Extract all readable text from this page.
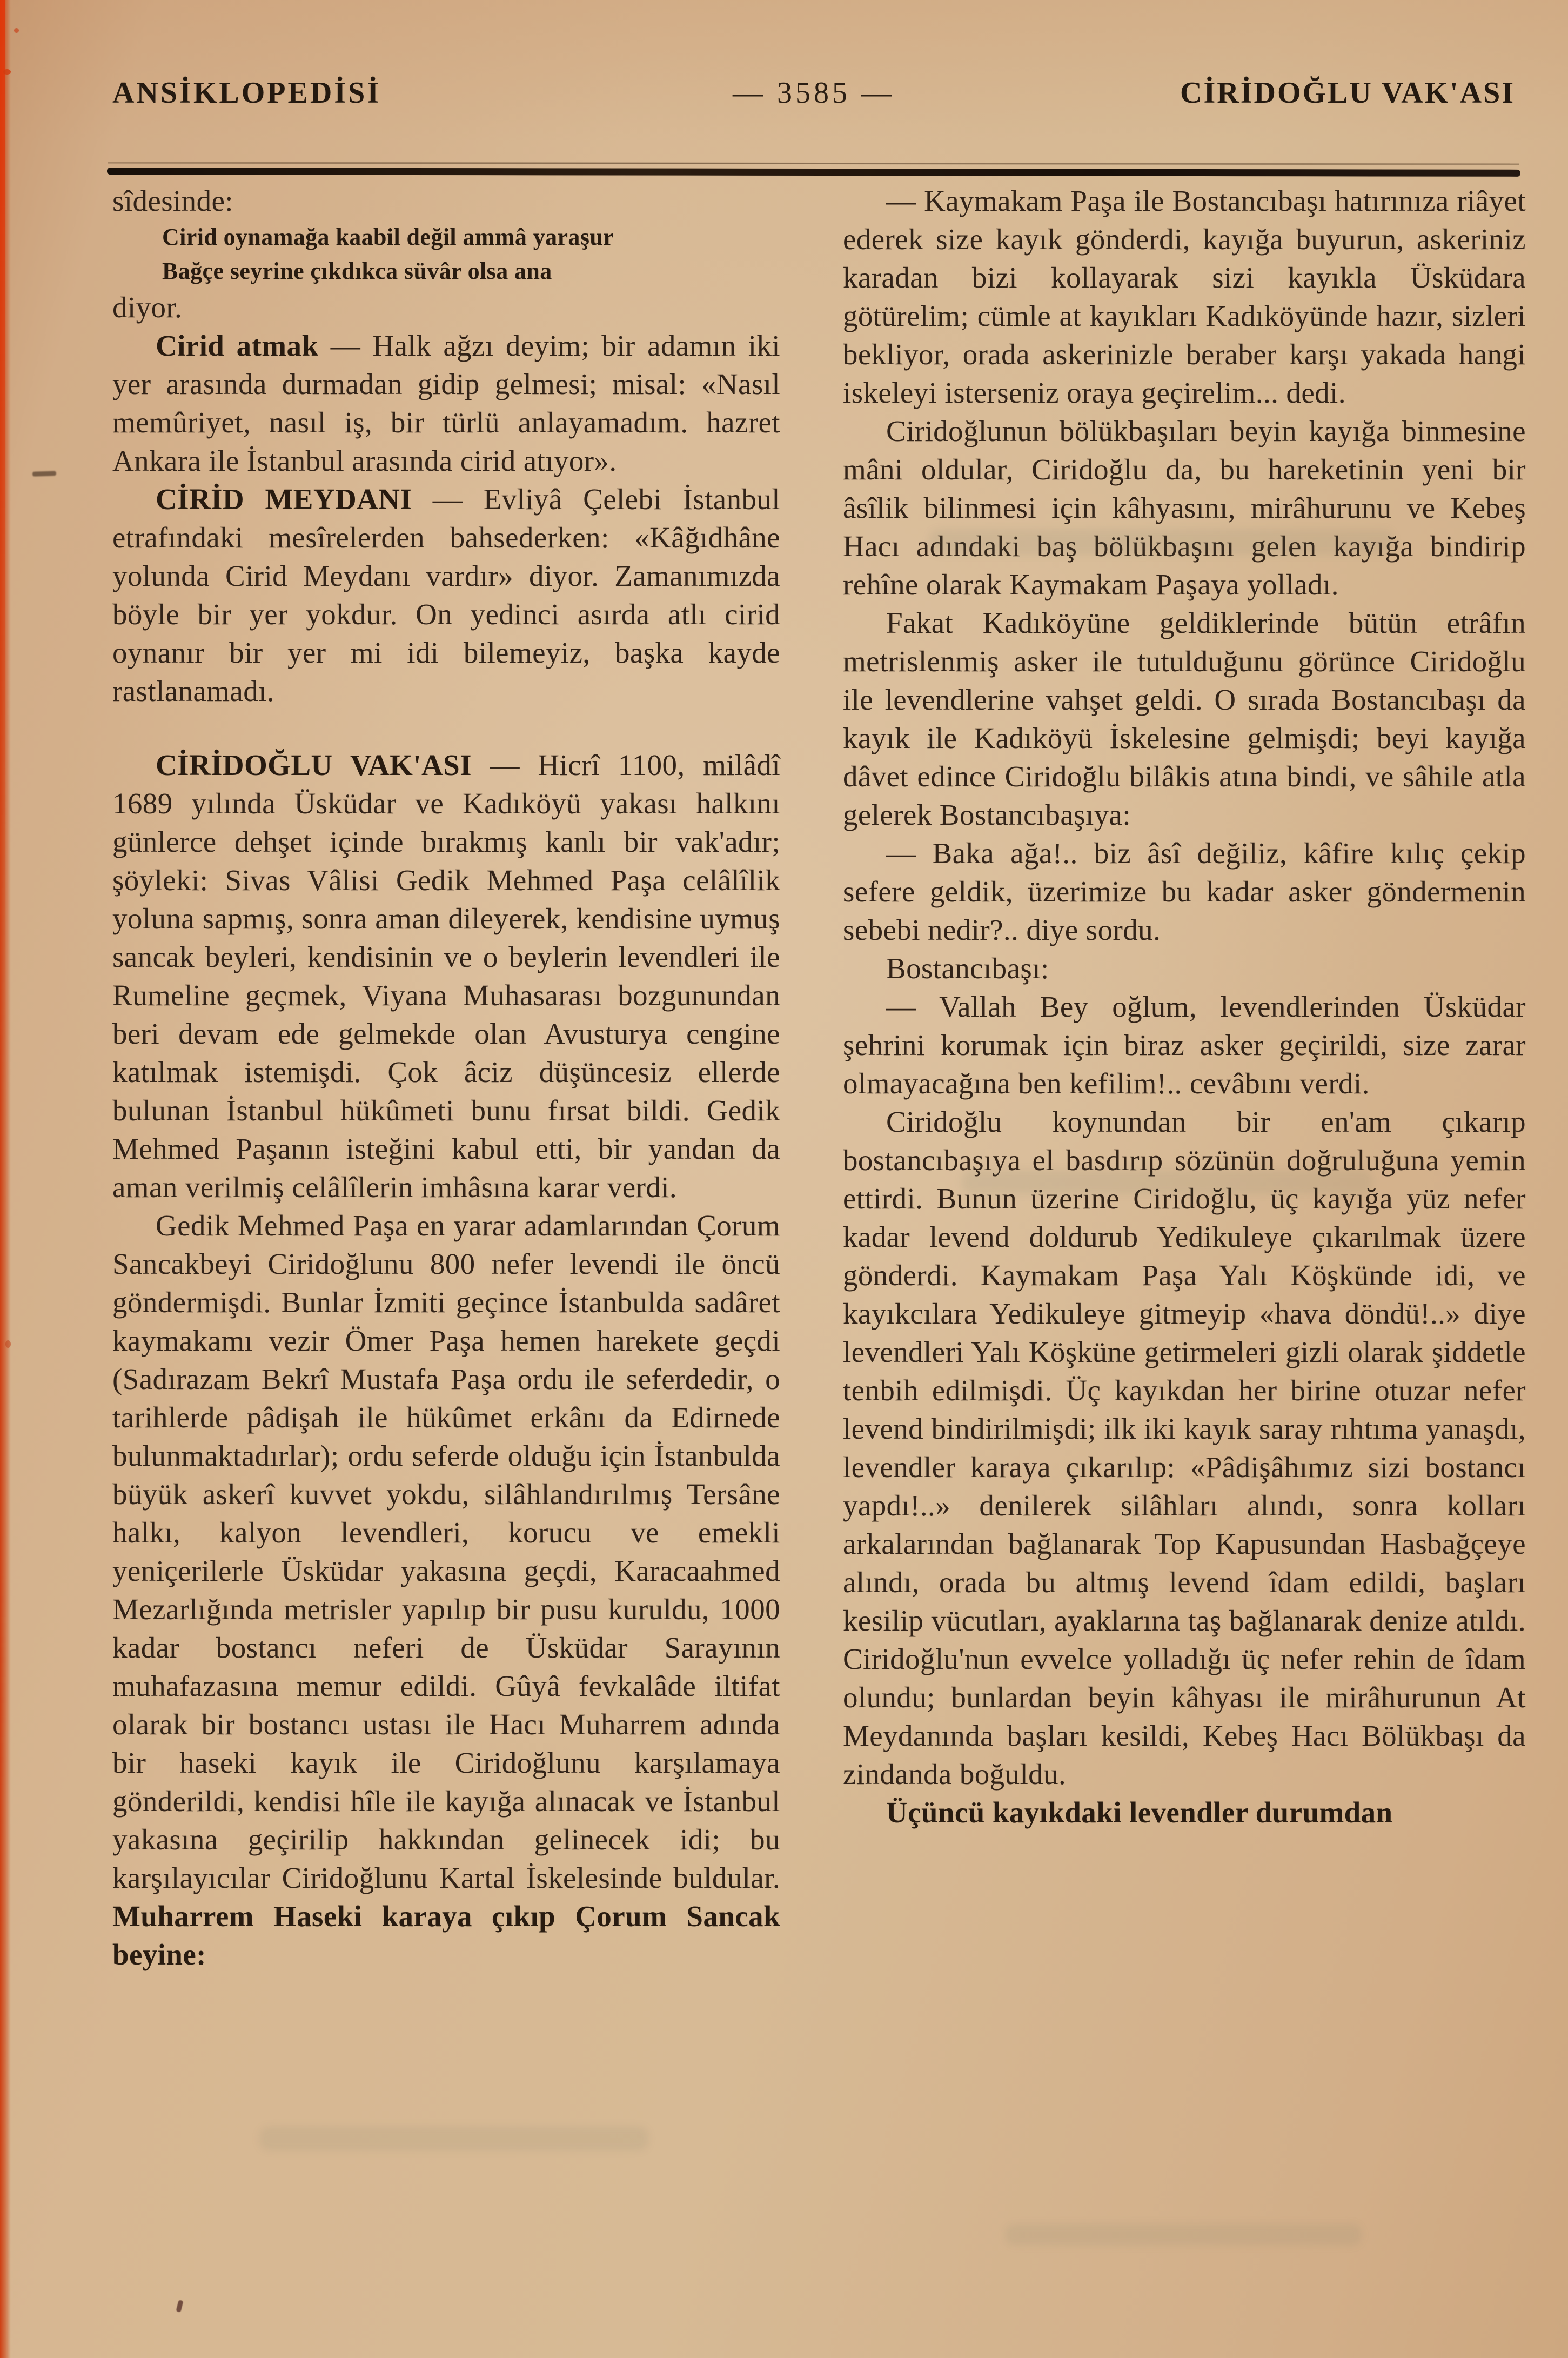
ANSİKLOPEDİSİ	— 3585 —	CİRİDOĞLU VAK'ASI

sîdesinde:

Cirid oynamağa kaabil değil ammâ yaraşur

Bağçe seyrine çıkdıkca süvâr olsa ana

diyor.

Cirid atmak — Halk ağzı deyim; bir adamın iki yer arasında durmadan gidip gelmesi; misal: «Nasıl memûriyet, nasıl iş, bir türlü anlayamadım. hazret Ankara ile İstanbul arasında cirid atıyor».

CİRİD MEYDANI — Evliyâ Çelebi İstanbul etrafındaki mesîrelerden bahsederken: «Kâğıdhâne yolunda Cirid Meydanı vardır» diyor. Zamanımızda böyle bir yer yokdur. On yedinci asırda atlı cirid oynanır bir yer mi idi bilemeyiz, başka kayde rastlanamadı.

CİRİDOĞLU VAK'ASI — Hicrî 1100, milâdî 1689 yılında Üsküdar ve Kadıköyü yakası halkını günlerce dehşet içinde bırakmış kanlı bir vak'adır; şöyleki: Sivas Vâlisi Gedik Mehmed Paşa celâlîlik yoluna sapmış, sonra aman dileyerek, kendisine uymuş sancak beyleri, kendisinin ve o beylerin levendleri ile Rumeline geçmek, Viyana Muhasarası bozgunundan beri devam ede gelmekde olan Avusturya cengine katılmak istemişdi. Çok âciz düşüncesiz ellerde bulunan İstanbul hükûmeti bunu fırsat bildi. Gedik Mehmed Paşanın isteğini kabul etti, bir yandan da aman verilmiş celâlîlerin imhâsına karar verdi.

Gedik Mehmed Paşa en yarar adamlarından Çorum Sancakbeyi Ciridoğlunu 800 nefer levendi ile öncü göndermişdi. Bunlar İzmiti geçince İstanbulda sadâret kaymakamı vezir Ömer Paşa hemen harekete geçdi (Sadırazam Bekrî Mustafa Paşa ordu ile seferdedir, o tarihlerde pâdişah ile hükûmet erkânı da Edirnede bulunmaktadırlar); ordu seferde olduğu için İstanbulda büyük askerî kuvvet yokdu, silâhlandırılmış Tersâne halkı, kalyon levendleri, korucu ve emekli yeniçerilerle Üsküdar yakasına geçdi, Karacaahmed Mezarlığında metrisler yapılıp bir pusu kuruldu, 1000 kadar bostancı neferi de Üsküdar Sarayının muhafazasına memur edildi. Gûyâ fevkalâde iltifat olarak bir bostancı ustası ile Hacı Muharrem adında bir haseki kayık ile Ciridoğlunu karşılamaya gönderildi, kendisi hîle ile kayığa alınacak ve İstanbul yakasına geçirilip hakkından gelinecek idi; bu karşılayıcılar Ciridoğlunu Kartal İskelesinde buldular. Muharrem Haseki karaya çıkıp Çorum Sancak beyine:

— Kaymakam Paşa ile Bostancıbaşı hatırınıza riâyet ederek size kayık gönderdi, kayığa buyurun, askeriniz karadan bizi kollayarak sizi kayıkla Üsküdara götürelim; cümle at kayıkları Kadıköyünde hazır, sizleri bekliyor, orada askerinizle beraber karşı yakada hangi iskeleyi isterseniz oraya geçirelim... dedi.

Ciridoğlunun bölükbaşıları beyin kayığa binmesine mâni oldular, Ciridoğlu da, bu hareketinin yeni bir âsîlik bilinmesi için kâhyasını, mirâhurunu ve Kebeş Hacı adındaki baş bölükbaşını gelen kayığa bindirip rehîne olarak Kaymakam Paşaya yolladı.

Fakat Kadıköyüne geldiklerinde bütün etrâfın metrislenmiş asker ile tutulduğunu görünce Ciridoğlu ile levendlerine vahşet geldi. O sırada Bostancıbaşı da kayık ile Kadıköyü İskelesine gelmişdi; beyi kayığa dâvet edince Ciridoğlu bilâkis atına bindi, ve sâhile atla gelerek Bostancıbaşıya:

— Baka ağa!.. biz âsî değiliz, kâfire kılıç çekip sefere geldik, üzerimize bu kadar asker göndermenin sebebi nedir?.. diye sordu.

Bostancıbaşı:

— Vallah Bey oğlum, levendlerinden Üsküdar şehrini korumak için biraz asker geçirildi, size zarar olmayacağına ben kefilim!.. cevâbını verdi.

Ciridoğlu koynundan bir en'am çıkarıp bostancıbaşıya el basdırıp sözünün doğruluğuna yemin ettirdi. Bunun üzerine Ciridoğlu, üç kayığa yüz nefer kadar levend doldurub Yedikuleye çıkarılmak üzere gönderdi. Kaymakam Paşa Yalı Köşkünde idi, ve kayıkcılara Yedikuleye gitmeyip «hava döndü!..» diye levendleri Yalı Köşküne getirmeleri gizli olarak şiddetle tenbih edilmişdi. Üç kayıkdan her birine otuzar nefer levend bindirilmişdi; ilk iki kayık saray rıhtıma yanaşdı, levendler karaya çıkarılıp: «Pâdişâhımız sizi bostancı yapdı!..» denilerek silâhları alındı, sonra kolları arkalarından bağlanarak Top Kapusundan Hasbağçeye alındı, orada bu altmış levend îdam edildi, başları kesilip vücutları, ayaklarına taş bağlanarak denize atıldı. Ciridoğlu'nun evvelce yolladığı üç nefer rehin de îdam olundu; bunlardan beyin kâhyası ile mirâhurunun At Meydanında başları kesildi, Kebeş Hacı Bölükbaşı da zindanda boğuldu.

Üçüncü kayıkdaki levendler durumdan
